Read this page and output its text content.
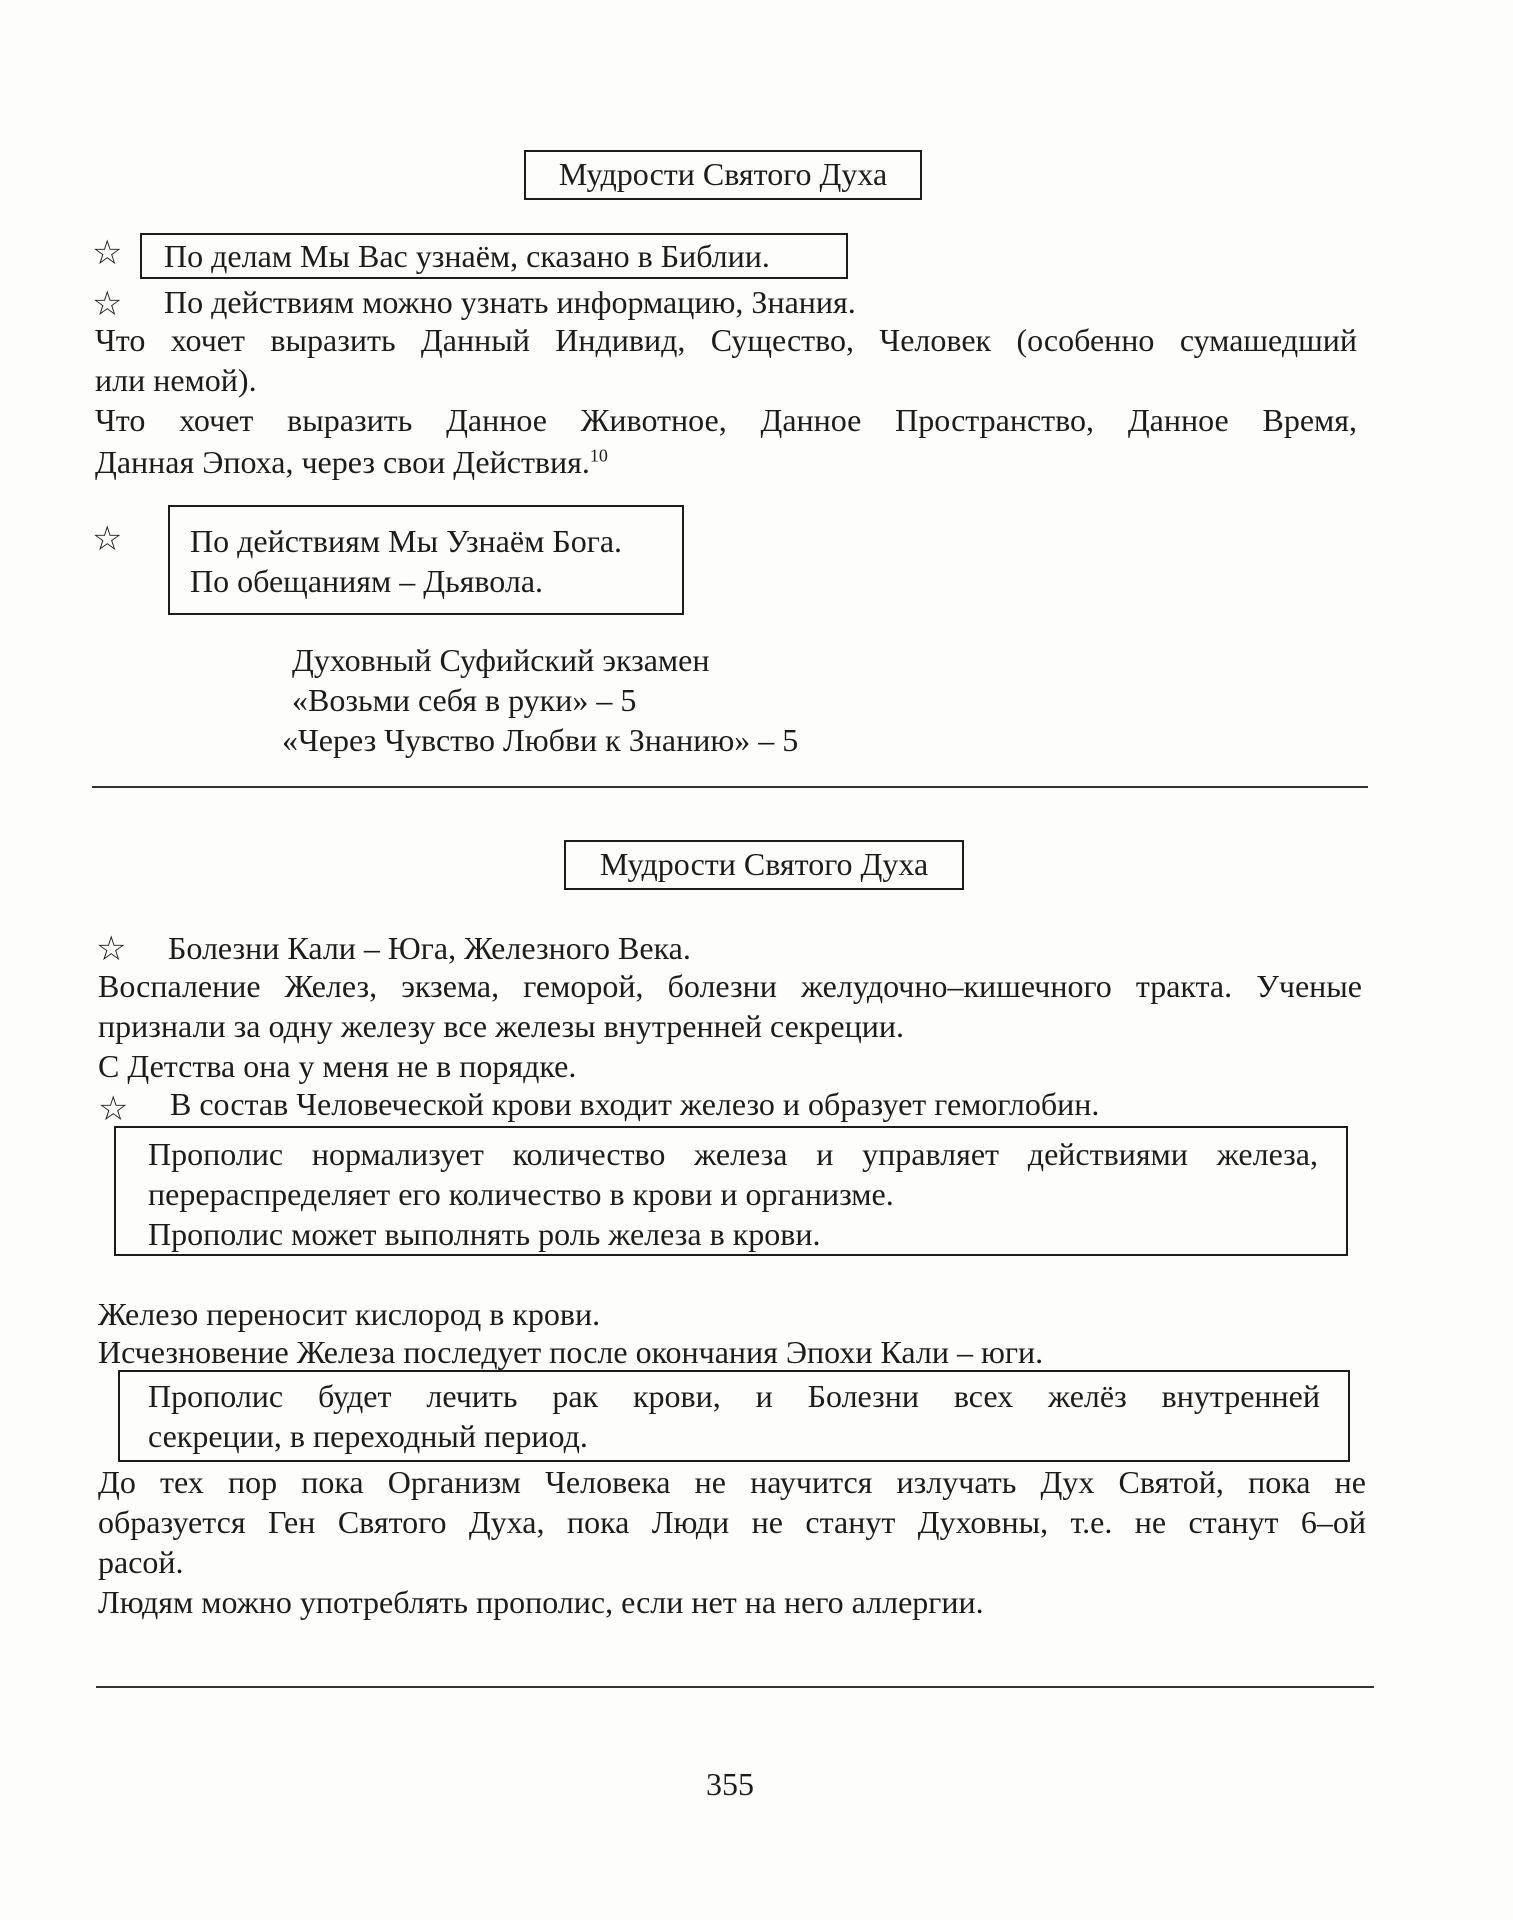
Мудрости Святого Духа
☆	По делам Мы Вас узнаём, сказано в Библии.
☆ По действиям можно узнать информацию, Знания.
Что хочет выразить Данный Индивид, Существо, Человек (особенно сумашедший
или немой).
Что хочет выразить Данное Животное, Данное Пространство, Данное Время,
Данная Эпоха, через свои Действия.$^{10}$
☆ По действиям Мы Узнаём Бога.
По обещаниям – Дьявола.
Духовный Суфийский экзамен
«Возьми себя в руки» – 5
«Через Чувство Любви к Знанию» – 5
Мудрости Святого Духа
☆ Болезни Кали – Юга, Железного Века.
Воспаление Желез, экзема, геморой, болезни желудочно–кишечного тракта. Ученые
признали за одну железу все железы внутренней секреции.
С Детства она у меня не в порядке.
☆ В состав Человеческой крови входит железо и образует гемоглобин.
Прополис нормализует количество железа и управляет действиями железа,
перераспределяет его количество в крови и организме.
Прополис может выполнять роль железа в крови.
Железо переносит кислород в крови.
Исчезновение Железа последует после окончания Эпохи Кали – юги.
Прополис будет лечить рак крови, и Болезни всех желёз внутренней
секреции, в переходный период.
До тех пор пока Организм Человека не научится излучать Дух Святой, пока не
образуется Ген Святого Духа, пока Люди не станут Духовны, т.е. не станут 6–ой
расой.
Людям можно употреблять прополис, если нет на него аллергии.
355
